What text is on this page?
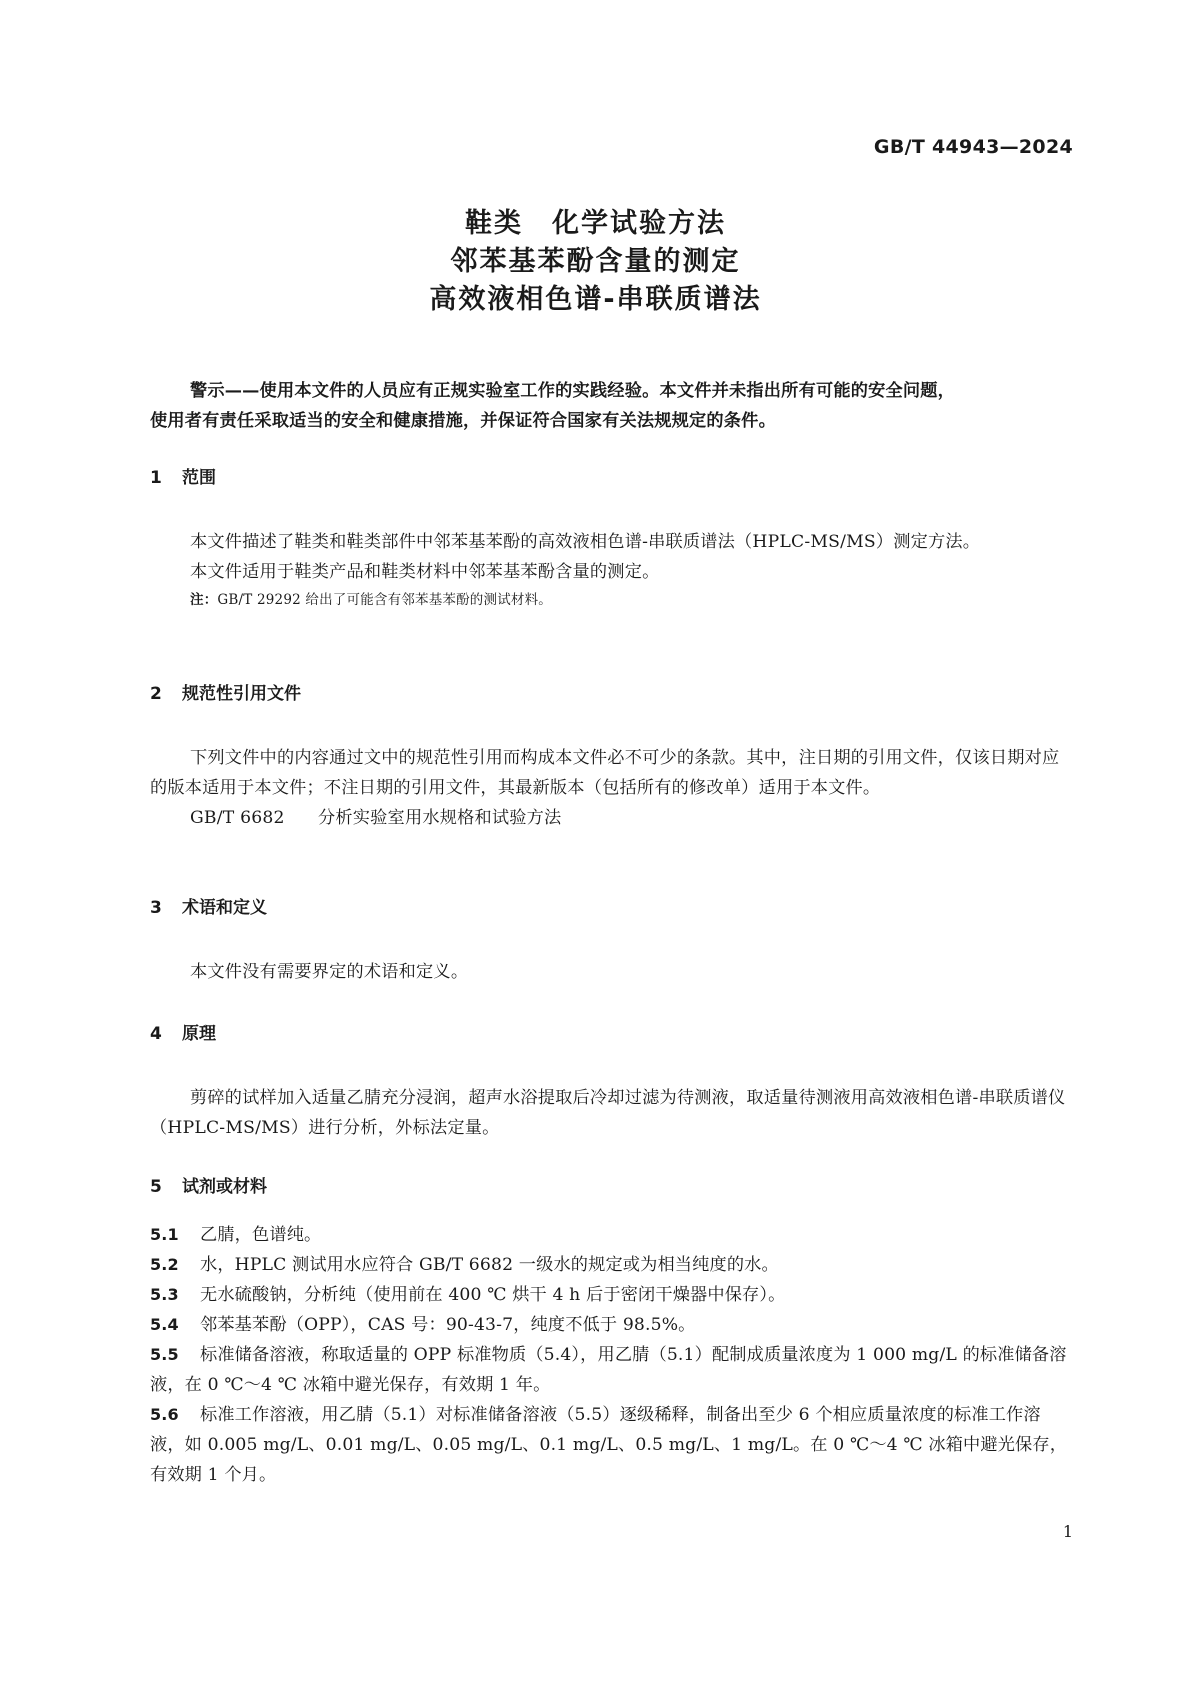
GB/T 44943—2024
鞋类　化学试验方法
邻苯基苯酚含量的测定
高效液相色谱-串联质谱法

警示——使用本文件的人员应有正规实验室工作的实践经验。本文件并未指出所有可能的安全问题，

使用者有责任采取适当的安全和健康措施，并保证符合国家有关法规规定的条件。

1 范围

本文件描述了鞋类和鞋类部件中邻苯基苯酚的高效液相色谱-串联质谱法（HPLC-MS/MS）测定方法。

本文件适用于鞋类产品和鞋类材料中邻苯基苯酚含量的测定。

注：GB/T 29292 给出了可能含有邻苯基苯酚的测试材料。

2 规范性引用文件

下列文件中的内容通过文中的规范性引用而构成本文件必不可少的条款。其中，注日期的引用文件，仅该日期对应的版本适用于本文件；不注日期的引用文件，其最新版本（包括所有的修改单）适用于本文件。

GB/T 6682 分析实验室用水规格和试验方法

3 术语和定义

本文件没有需要界定的术语和定义。

4 原理

剪碎的试样加入适量乙腈充分浸润，超声水浴提取后冷却过滤为待测液，取适量待测液用高效液相色谱-串联质谱仪（HPLC-MS/MS）进行分析，外标法定量。

5 试剂或材料

5.1 乙腈，色谱纯。

5.2 水，HPLC 测试用水应符合 GB/T 6682 一级水的规定或为相当纯度的水。

5.3 无水硫酸钠，分析纯（使用前在 400 ℃ 烘干 4 h 后于密闭干燥器中保存）。

5.4 邻苯基苯酚（OPP），CAS 号：90-43-7，纯度不低于 98.5%。

5.5 标准储备溶液，称取适量的 OPP 标准物质（5.4），用乙腈（5.1）配制成质量浓度为 1 000 mg/L 的标准储备溶液，在 0 ℃～4 ℃ 冰箱中避光保存，有效期 1 年。

5.6 标准工作溶液，用乙腈（5.1）对标准储备溶液（5.5）逐级稀释，制备出至少 6 个相应质量浓度的标准工作溶液，如 0.005 mg/L、0.01 mg/L、0.05 mg/L、0.1 mg/L、0.5 mg/L、1 mg/L。在 0 ℃～4 ℃ 冰箱中避光保存，有效期 1 个月。

1
